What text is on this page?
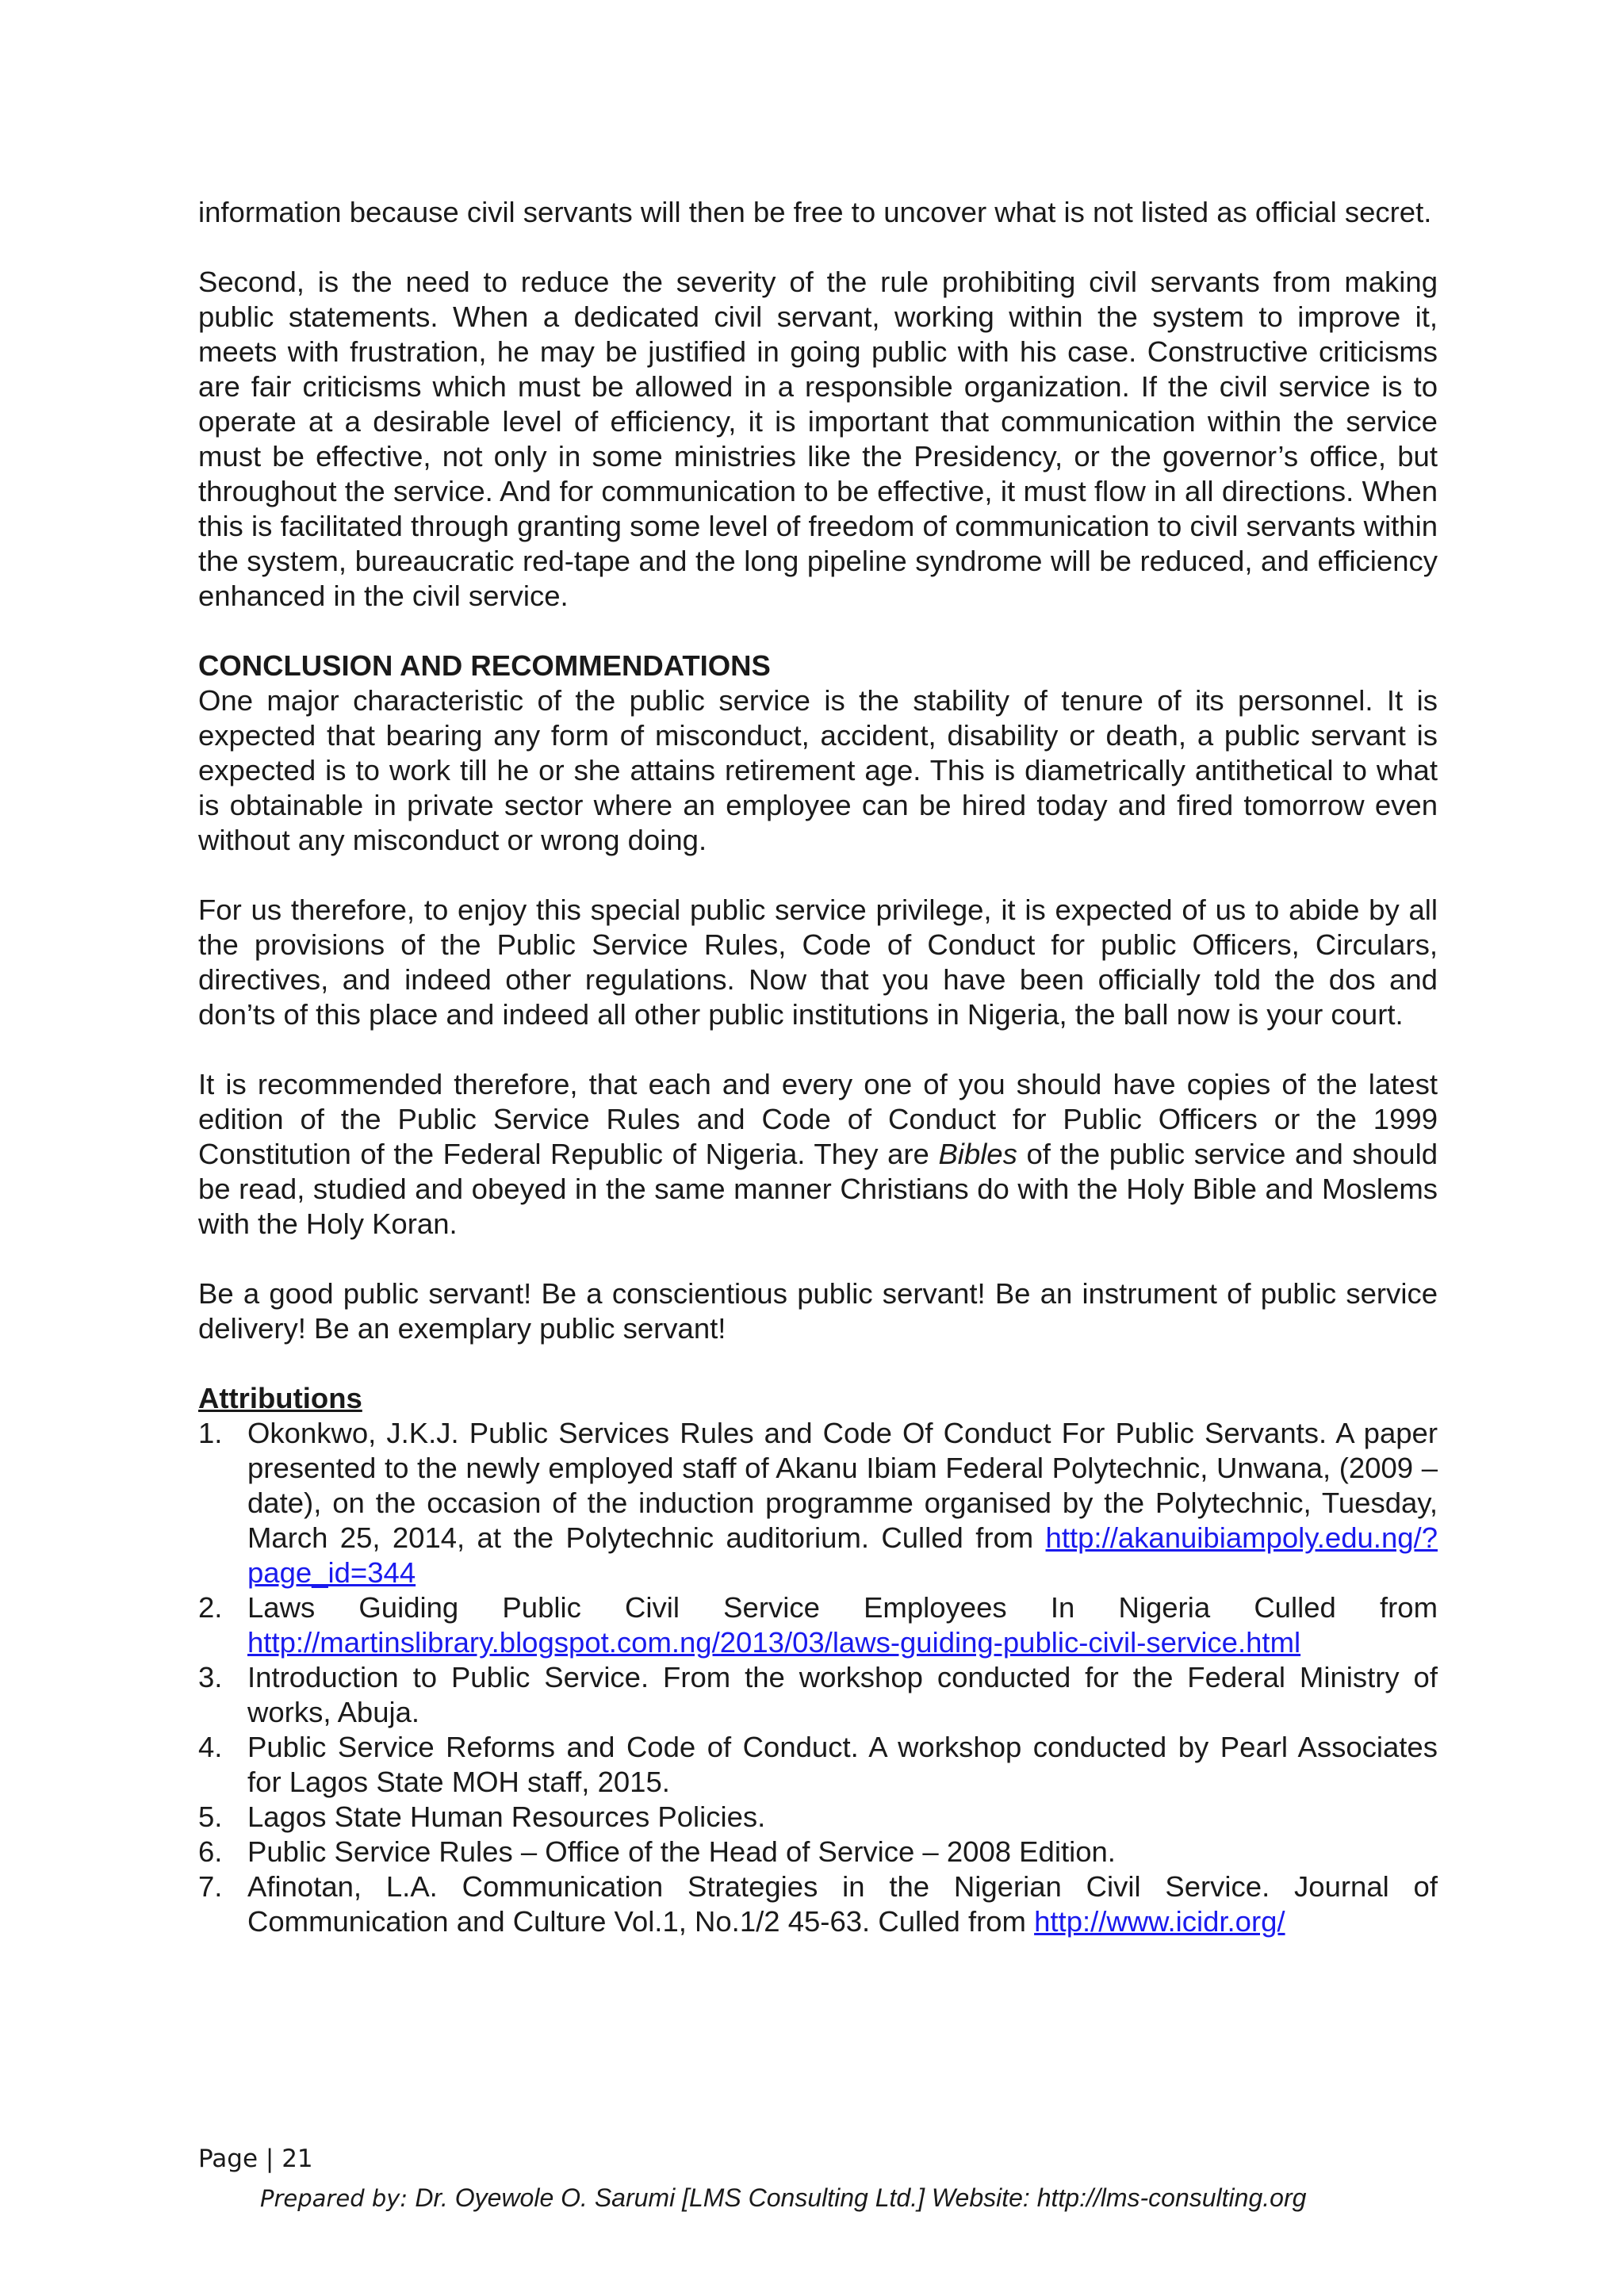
information because civil servants will then be free to uncover what is not listed as official secret.

Second, is the need to reduce the severity of the rule prohibiting civil servants from making public statements. When a dedicated civil servant, working within the system to improve it, meets with frustration, he may be justified in going public with his case. Constructive criticisms are fair criticisms which must be allowed in a responsible organization. If the civil service is to operate at a desirable level of efficiency, it is important that communication within the service must be effective, not only in some ministries like the Presidency, or the governor’s office, but throughout the service. And for communication to be effective, it must flow in all directions. When this is facilitated through granting some level of freedom of communication to civil servants within the system, bureaucratic red-tape and the long pipeline syndrome will be reduced, and efficiency enhanced in the civil service.

CONCLUSION AND RECOMMENDATIONS

One major characteristic of the public service is the stability of tenure of its personnel. It is expected that bearing any form of misconduct, accident, disability or death, a public servant is expected is to work till he or she attains retirement age. This is diametrically antithetical to what is obtainable in private sector where an employee can be hired today and fired tomorrow even without any misconduct or wrong doing.

For us therefore, to enjoy this special public service privilege, it is expected of us to abide by all the provisions of the Public Service Rules, Code of Conduct for public Officers, Circulars, directives, and indeed other regulations. Now that you have been officially told the dos and don’ts of this place and indeed all other public institutions in Nigeria, the ball now is your court.

It is recommended therefore, that each and every one of you should have copies of the latest edition of the Public Service Rules and Code of Conduct for Public Officers or the 1999 Constitution of the Federal Republic of Nigeria. They are Bibles of the public service and should be read, studied and obeyed in the same manner Christians do with the Holy Bible and Moslems with the Holy Koran.

Be a good public servant! Be a conscientious public servant! Be an instrument of public service delivery! Be an exemplary public servant!

Attributions

1. Okonkwo, J.K.J. Public Services Rules and Code Of Conduct For Public Servants. A paper presented to the newly employed staff of Akanu Ibiam Federal Polytechnic, Unwana, (2009 – date), on the occasion of the induction programme organised by the Polytechnic, Tuesday, March 25, 2014, at the Polytechnic auditorium. Culled from http://akanuibiampoly.edu.ng/?page_id=344
2. Laws Guiding Public Civil Service Employees In Nigeria Culled from http://martinslibrary.blogspot.com.ng/2013/03/laws-guiding-public-civil-service.html
3. Introduction to Public Service. From the workshop conducted for the Federal Ministry of works, Abuja.
4. Public Service Reforms and Code of Conduct. A workshop conducted by Pearl Associates for Lagos State MOH staff, 2015.
5. Lagos State Human Resources Policies.
6. Public Service Rules – Office of the Head of Service – 2008 Edition.
7. Afinotan, L.A. Communication Strategies in the Nigerian Civil Service. Journal of Communication and Culture Vol.1, No.1/2 45-63. Culled from http://www.icidr.org/
Page | 21
Prepared by: Dr. Oyewole O. Sarumi [LMS Consulting Ltd.] Website: http://lms-consulting.org
